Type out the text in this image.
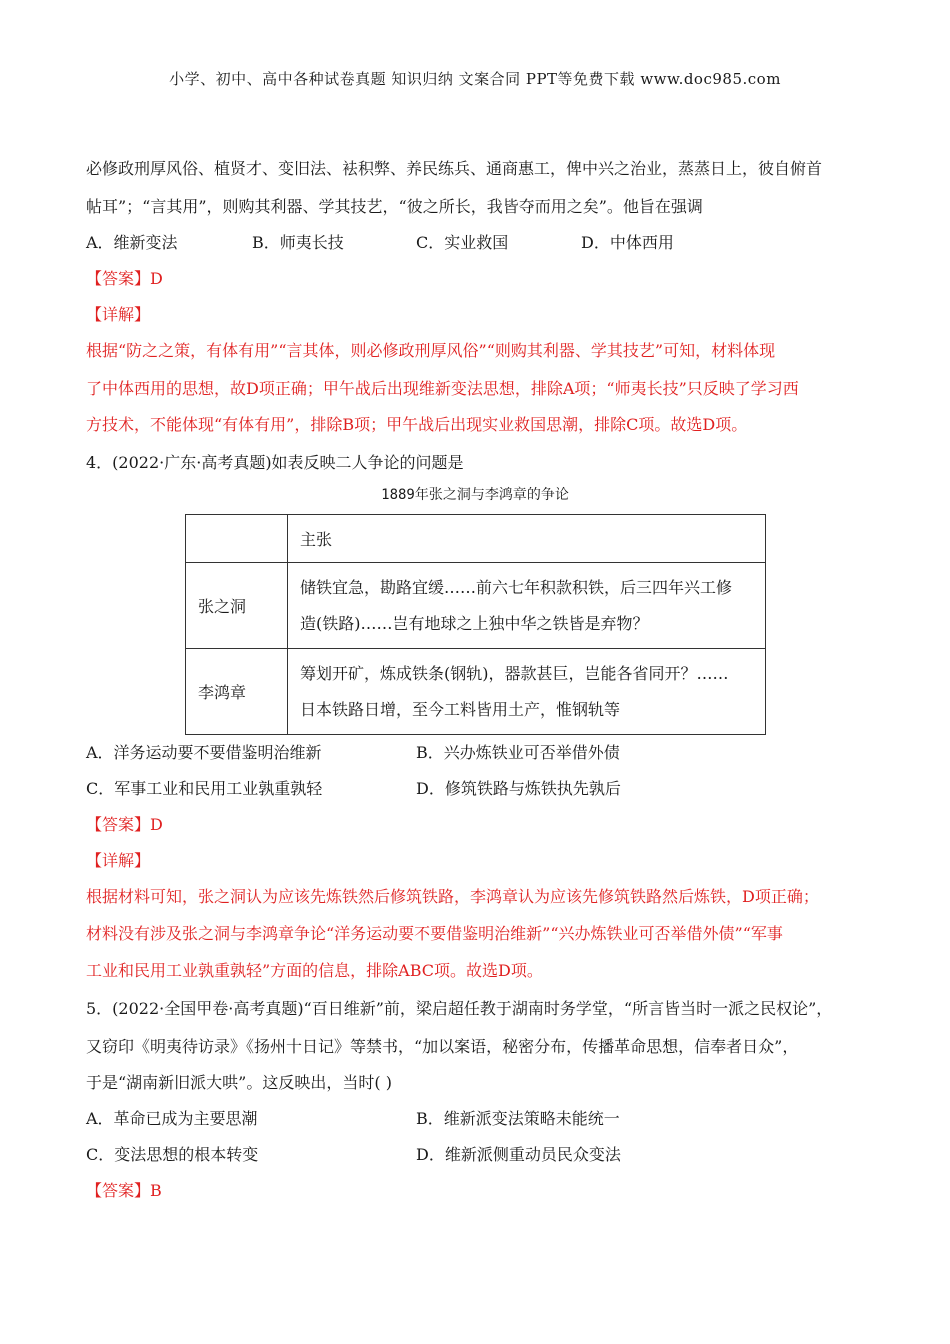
小学、初中、高中各种试卷真题 知识归纳 文案合同 PPT等免费下载 www.doc985.com
必修政刑厚风俗、植贤才、变旧法、袪积弊、养民练兵、通商惠工，俾中兴之治业，蒸蒸日上，彼自俯首
帖耳”；“言其用”，则购其利器、学其技艺，“彼之所长，我皆夺而用之矣”。他旨在强调
A．维新变法	B．师夷长技	C．实业救国	D．中体西用
【答案】D
【详解】
根据“防之之策，有体有用”“言其体，则必修政刑厚风俗”“则购其利器、学其技艺”可知，材料体现
了中体西用的思想，故D项正确；甲午战后出现维新变法思想，排除A项；“师夷长技”只反映了学习西
方技术，不能体现“有体有用”，排除B项；甲午战后出现实业救国思潮，排除C项。故选D项。
4．(2022·广东·高考真题)如表反映二人争论的问题是
1889年张之洞与李鸿章的争论
	主张
张之洞	储铁宜急，勘路宜缓……前六七年积款积铁，后三四年兴工修
造(铁路)……岂有地球之上独中华之铁皆是弃物？

李鸿章	筹划开矿，炼成铁条(钢轨)，器款甚巨，岂能各省同开？……
日本铁路日增，至今工料皆用土产，惟钢轨等
A．洋务运动要不要借鉴明治维新	B．兴办炼铁业可否举借外债
C．军事工业和民用工业孰重孰轻	D．修筑铁路与炼铁执先孰后
【答案】D
【详解】
根据材料可知，张之洞认为应该先炼铁然后修筑铁路，李鸿章认为应该先修筑铁路然后炼铁，D项正确；
材料没有涉及张之洞与李鸿章争论“洋务运动要不要借鉴明治维新”“兴办炼铁业可否举借外债”“军事
工业和民用工业孰重孰轻”方面的信息，排除ABC项。故选D项。
5．(2022·全国甲卷·高考真题)“百日维新”前，梁启超任教于湖南时务学堂，“所言皆当时一派之民权论”，
又窃印《明夷待访录》《扬州十日记》等禁书，“加以案语，秘密分布，传播革命思想，信奉者日众”，
于是“湖南新旧派大哄”。这反映出，当时( )
A．革命已成为主要思潮	B．维新派变法策略未能统一
C．变法思想的根本转变	D．维新派侧重动员民众变法
【答案】B
